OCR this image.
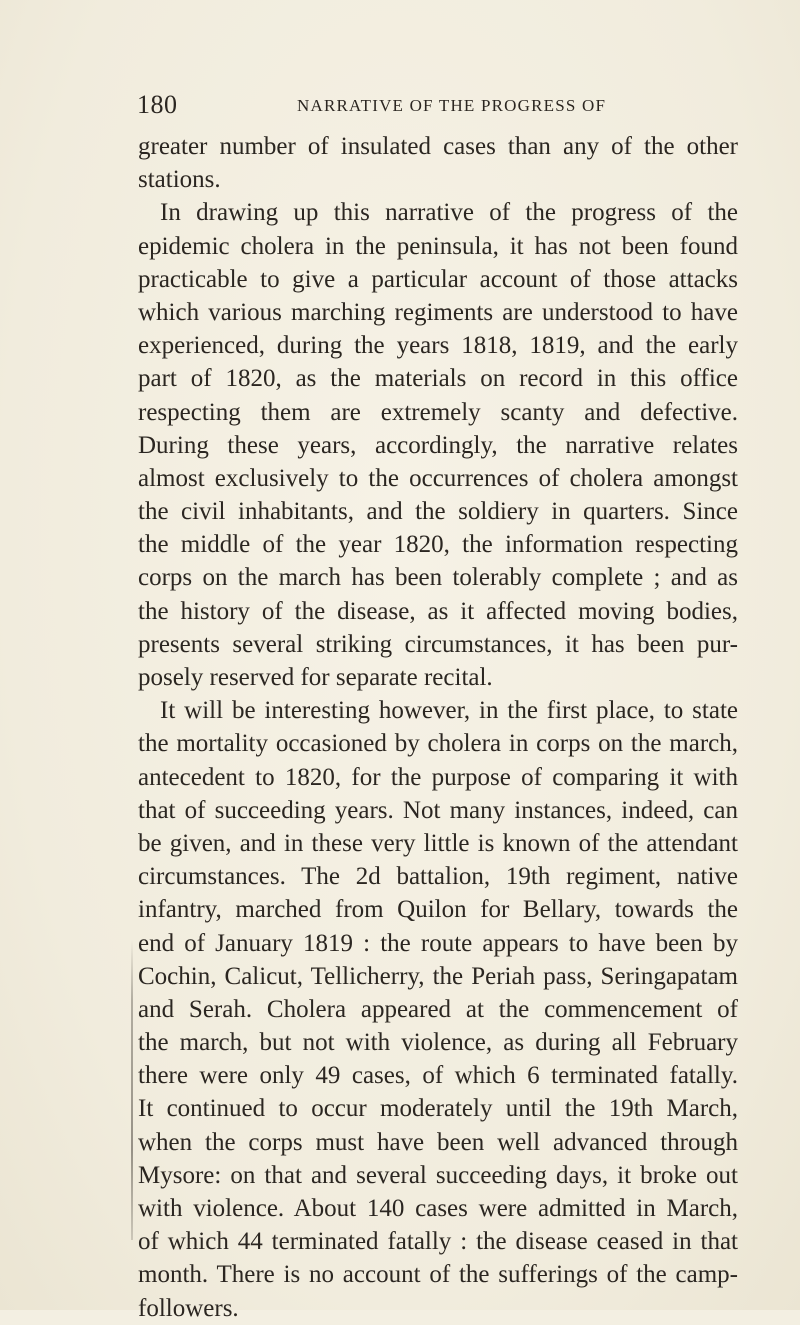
180	NARRATIVE OF THE PROGRESS OF
greater number of insulated cases than any of the other
stations.
In drawing up this narrative of the progress of the
epidemic cholera in the peninsula, it has not been found
practicable to give a particular account of those attacks
which various marching regiments are understood to have
experienced, during the years 1818, 1819, and the early
part of 1820, as the materials on record in this office
respecting them are extremely scanty and defective.
During these years, accordingly, the narrative relates
almost exclusively to the occurrences of cholera amongst
the civil inhabitants, and the soldiery in quarters. Since
the middle of the year 1820, the information respecting
corps on the march has been tolerably complete ; and as
the history of the disease, as it affected moving bodies,
presents several striking circumstances, it has been pur-
posely reserved for separate recital.
It will be interesting however, in the first place, to state
the mortality occasioned by cholera in corps on the march,
antecedent to 1820, for the purpose of comparing it with
that of succeeding years. Not many instances, indeed, can
be given, and in these very little is known of the attendant
circumstances. The 2d battalion, 19th regiment, native
infantry, marched from Quilon for Bellary, towards the
end of January 1819 : the route appears to have been by
Cochin, Calicut, Tellicherry, the Periah pass, Seringapatam
and Serah. Cholera appeared at the commencement of
the march, but not with violence, as during all February
there were only 49 cases, of which 6 terminated fatally.
It continued to occur moderately until the 19th March,
when the corps must have been well advanced through
Mysore: on that and several succeeding days, it broke out
with violence. About 140 cases were admitted in March,
of which 44 terminated fatally : the disease ceased in that
month. There is no account of the sufferings of the camp-
followers.
